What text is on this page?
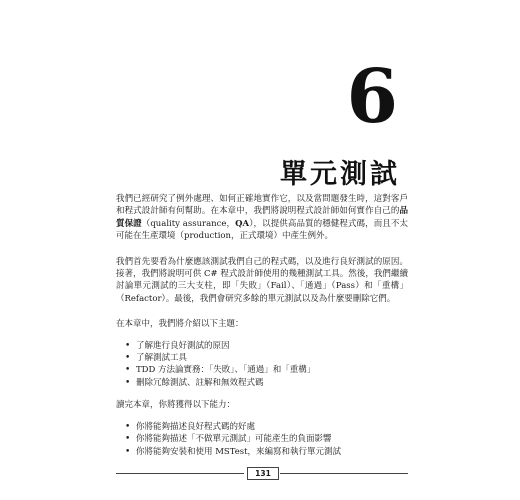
6
單元測試

我們已經研究了例外處理、如何正確地實作它，以及當問題發生時，這對客戶和程式設計師有何幫助。在本章中，我們將說明程式設計師如何實作自己的品質保證（quality assurance，QA），以提供高品質的穩健程式碼，而且不太可能在生產環境（production，正式環境）中產生例外。

我們首先要看為什麼應該測試我們自己的程式碼，以及進行良好測試的原因。接著，我們將說明可供 C# 程式設計師使用的幾種測試工具。然後，我們繼續討論單元測試的三大支柱，即「失敗」（Fail）、「通過」（Pass）和「重構」（Refactor）。最後，我們會研究多餘的單元測試以及為什麼要刪除它們。

在本章中，我們將介紹以下主題：

• 了解進行良好測試的原因
• 了解測試工具
• TDD 方法論實務：「失敗」、「通過」和「重構」
• 刪除冗餘測試、註解和無效程式碼

讀完本章，你將獲得以下能力：

• 你將能夠描述良好程式碼的好處
• 你將能夠描述「不做單元測試」可能產生的負面影響
• 你將能夠安裝和使用 MSTest，來編寫和執行單元測試
131
